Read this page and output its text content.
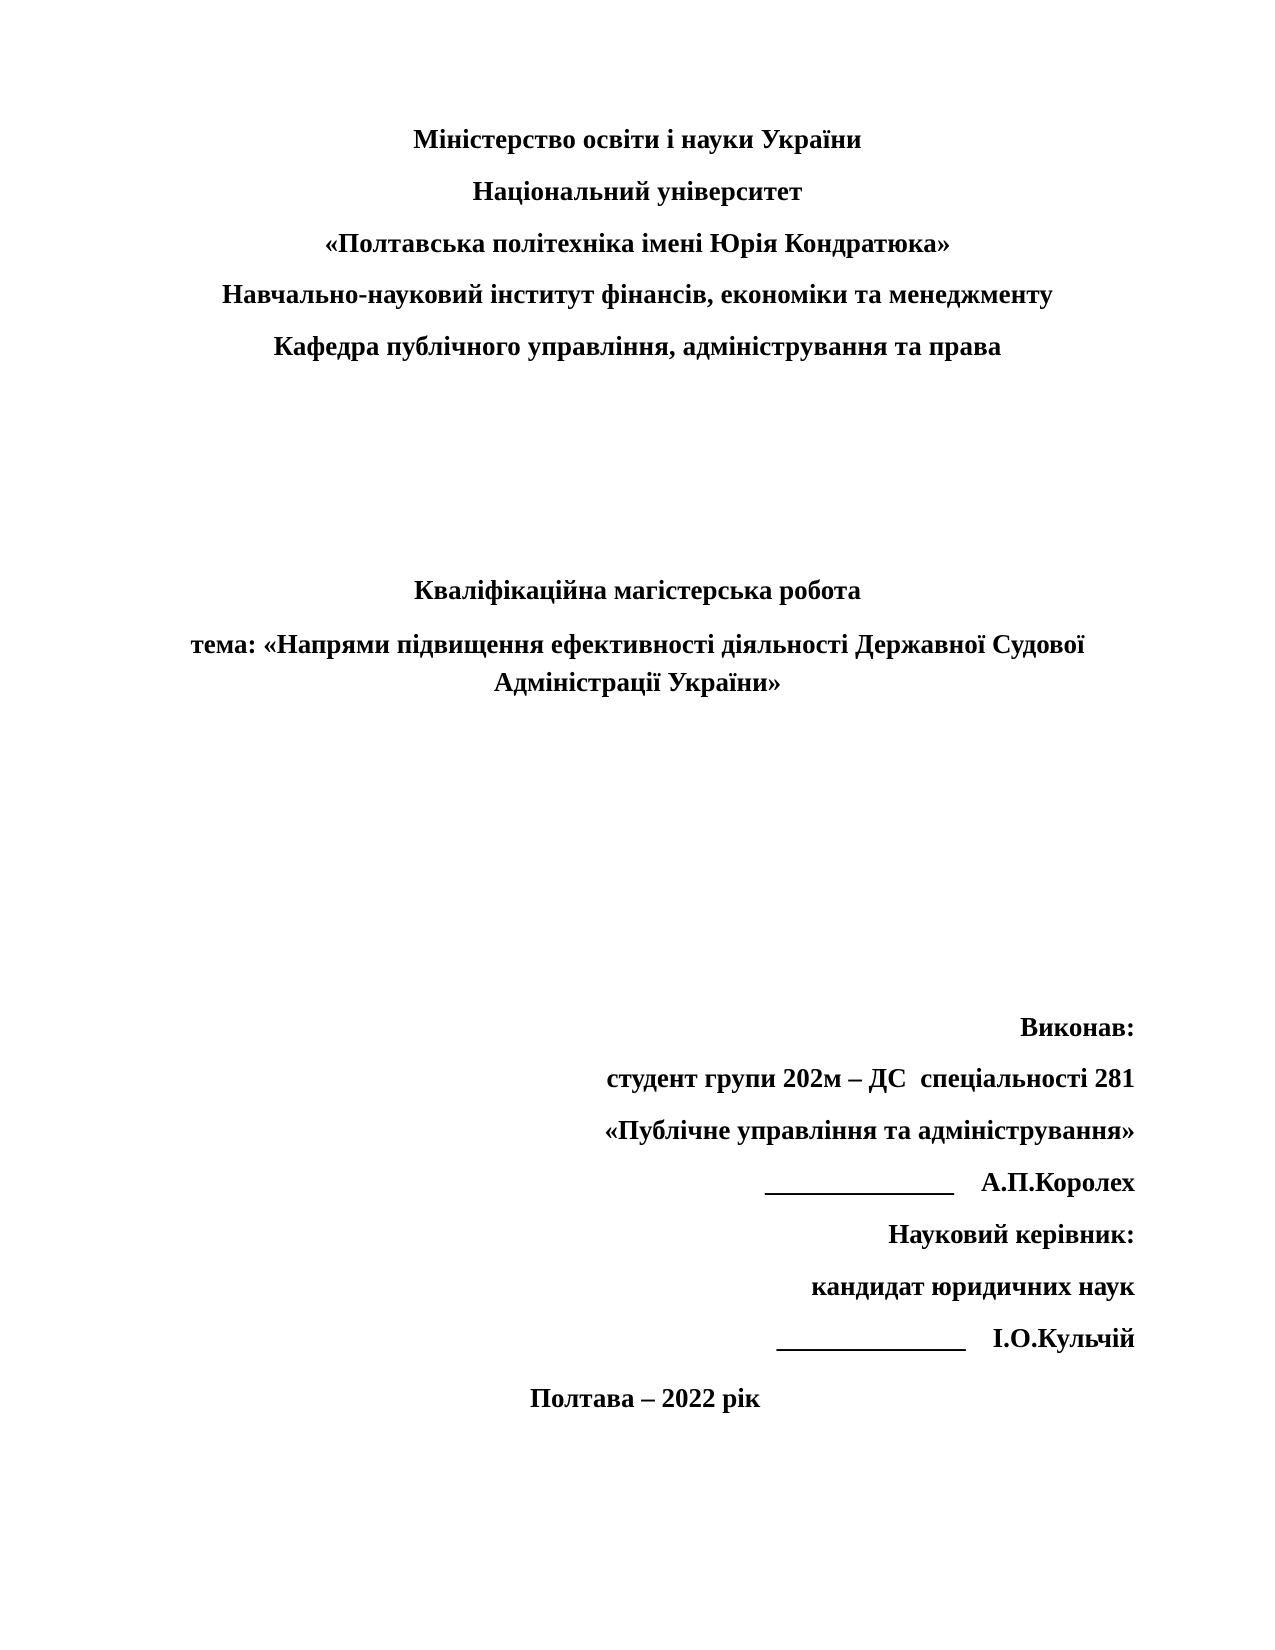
Міністерство освіти і науки України
Національний університет
«Полтавська політехніка імені Юрія Кондратюка»
Навчально-науковий інститут фінансів, економіки та менеджменту
Кафедра публічного управління, адміністрування та права
Кваліфікаційна магістерська робота
тема: «Напрями підвищення ефективності діяльності Державної Судової Адміністрації України»
Виконав:
студент групи 202м – ДС  спеціальності 281
«Публічне управління та адміністрування»
______________    А.П.Королех
Науковий керівник:
кандидат юридичних наук
______________    І.О.Кульчій
Полтава – 2022 рік
